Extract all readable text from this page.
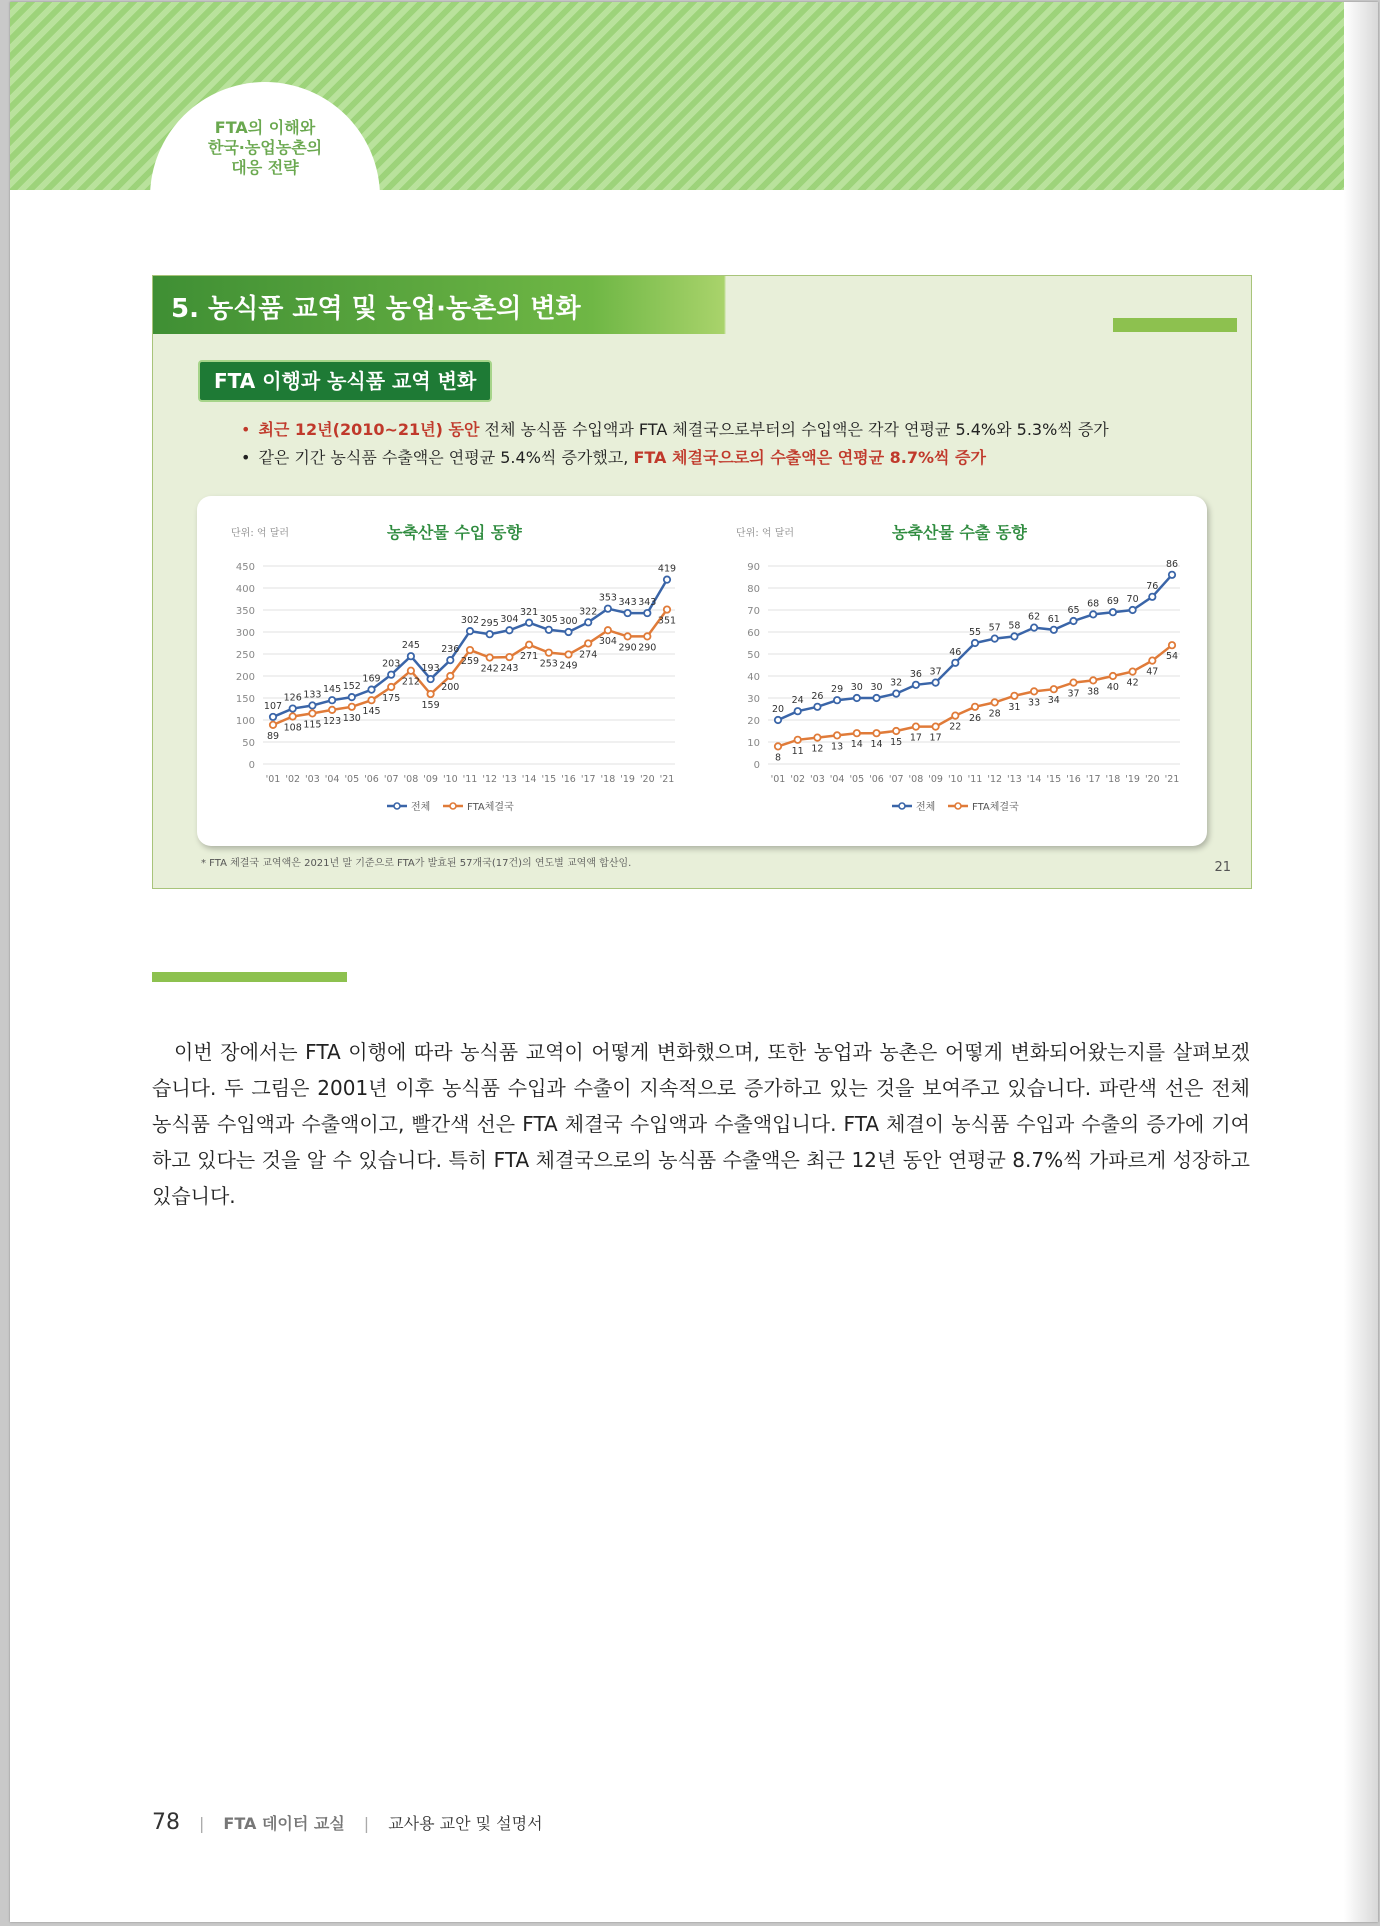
FTA의 이해와
한국·농업농촌의
대응 전략
5. 농식품 교역 및 농업·농촌의 변화
FTA 이행과 농식품 교역 변화
• 최근 12년(2010~21년) 동안 전체 농식품 수입액과 FTA 체결국으로부터의 수입액은 각각 연평균 5.4%와 5.3%씩 증가
• 같은 기간 농식품 수출액은 연평균 5.4%씩 증가했고, FTA 체결국으로의 수출액은 연평균 8.7%씩 증가
단위: 억 달러	농축산물 수입 동향
0
50
100
150
200
250
300
350
400
450
'01 '02 '03 '04 '05 '06 '07 '08 '09 '10 '11 '12 '13 '14 '15 '16 '17 '18 '19 '20 '21
107
126 133 145 152
169
203
245
193
236
302 295 304
321
305 300
322
353 343 343
419
89
108 115 123 130
145
175
212
159
200
259
242 243
271
253 249
274
304
290 290
351
전체	FTA체결국
단위: 억 달러	농축산물 수출 동향
0
10
20
30
40
50
60
70
80
90
'01 '02 '03 '04 '05 '06 '07 '08 '09 '10 '11 '12 '13 '14 '15 '16 '17 '18 '19 '20 '21
20
24 26
29 30 30 32
36 37
46
55 57 58
62 61
65
68 69 70
76
86
8
11 12 13 14 14 15 17 17
22
26 28
31 33 34
37 38 40 42
47
54
전체	FTA체결국
* FTA 체결국 교역액은 2021년 말 기준으로 FTA가 발효된 57개국(17건)의 연도별 교역액 합산임.	21
이번 장에서는 FTA 이행에 따라 농식품 교역이 어떻게 변화했으며, 또한 농업과 농촌은 어떻게 변화되어왔는지를 살펴보겠습니다. 두 그림은 2001년 이후 농식품 수입과 수출이 지속적으로 증가하고 있는 것을 보여주고 있습니다. 파란색 선은 전체 농식품 수입액과 수출액이고, 빨간색 선은 FTA 체결국 수입액과 수출액입니다. FTA 체결이 농식품 수입과 수출의 증가에 기여하고 있다는 것을 알 수 있습니다. 특히 FTA 체결국으로의 농식품 수출액은 최근 12년 동안 연평균 8.7%씩 가파르게 성장하고 있습니다.
78 | FTA 데이터 교실 | 교사용 교안 및 설명서
